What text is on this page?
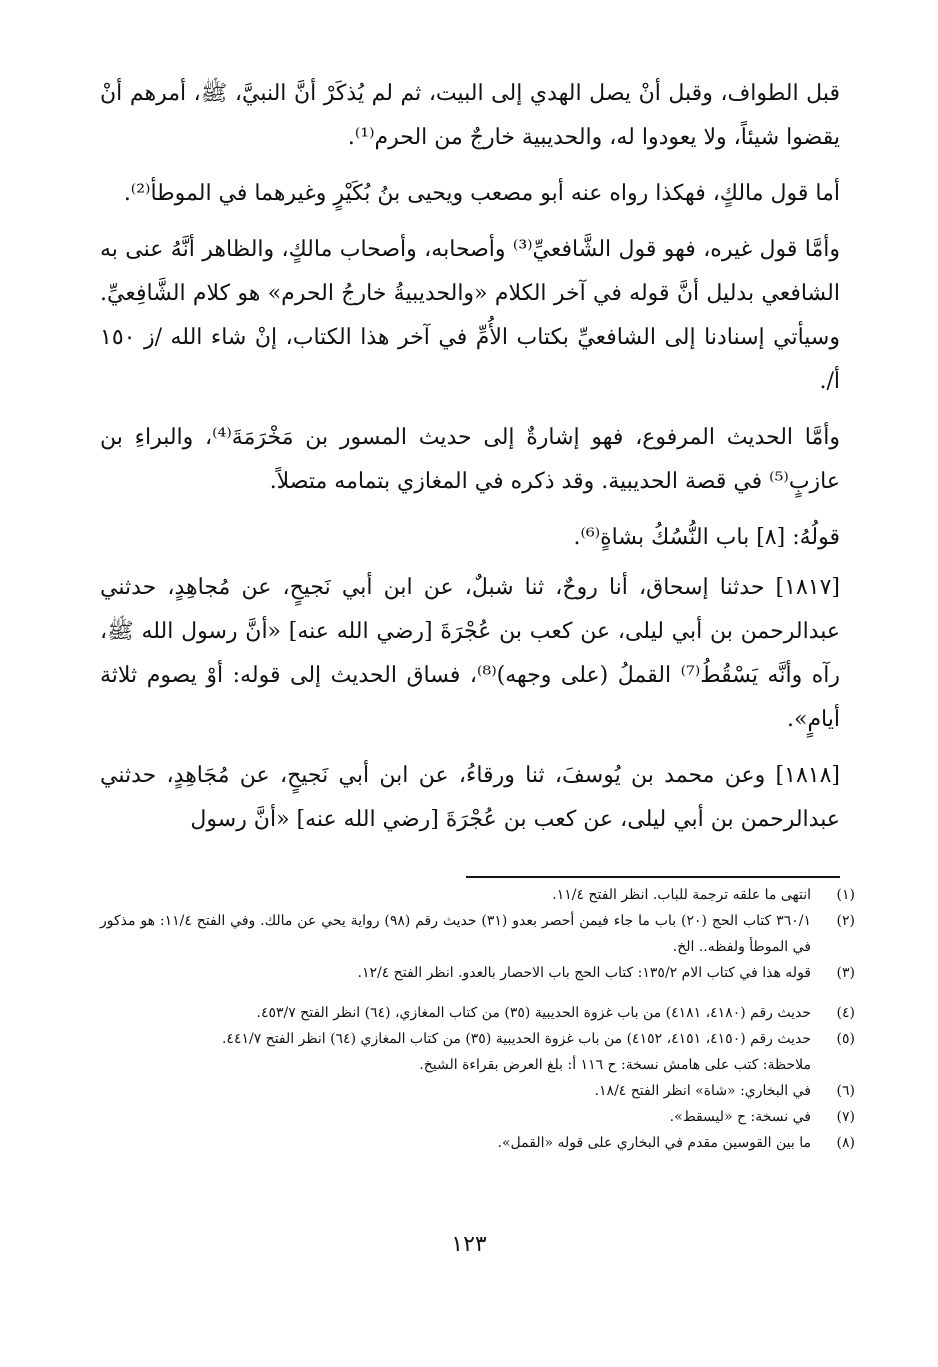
قبل الطواف، وقبل أنْ يصل الهدي إلى البيت، ثم لم يُذكَرْ أنَّ النبيَّ، ﷺ، أمرهم أنْ يقضوا شيئاً، ولا يعودوا له، والحديبية خارجٌ من الحرم⁽¹⁾.

أما قول مالكٍ، فهكذا رواه عنه أبو مصعب ويحيى بنُ بُكَيْرٍ وغيرهما في الموطأ⁽²⁾.

وأمَّا قول غيره، فهو قول الشَّافعيِّ⁽³⁾ وأصحابه، وأصحاب مالكٍ، والظاهر أنَّهُ عنى به الشافعي بدليل أنَّ قوله في آخر الكلام «والحديبيةُ خارجُ الحرم» هو كلام الشَّافِعيِّ. وسيأتي إسنادنا إلى الشافعيِّ بكتاب الأُمِّ في آخر هذا الكتاب، إنْ شاء الله /ز ١٥٠ أ/.

وأمَّا الحديث المرفوع، فهو إشارةٌ إلى حديث المسور بن مَخْرَمَةَ⁽⁴⁾، والبراءِ بن عازبٍ⁽⁵⁾ في قصة الحديبية. وقد ذكره في المغازي بتمامه متصلاً.

قولُهُ: [٨] باب النُّسُكُ بشاةٍ⁽⁶⁾.

[١٨١٧] حدثنا إسحاق، أنا روحٌ، ثنا شبلٌ، عن ابن أبي نَجيحٍ، عن مُجاهِدٍ، حدثني عبدالرحمن بن أبي ليلى، عن كعب بن عُجْرَةَ [رضي الله عنه] «أنَّ رسول الله ﷺ، رآه وأنَّه يَسْقُطُ⁽⁷⁾ القملُ (على وجهه)⁽⁸⁾، فساق الحديث إلى قوله: أوْ يصوم ثلاثة أيامٍ».

[١٨١٨] وعن محمد بن يُوسفَ، ثنا ورقاءُ، عن ابن أبي نَجيحٍ، عن مُجَاهِدٍ، حدثني عبدالرحمن بن أبي ليلى، عن كعب بن عُجْرَةَ [رضي الله عنه] «أنَّ رسول

(١)
انتهى ما علقه ترجمة للباب. انظر الفتح ١١/٤.
(٢)
٣٦٠/١ كتاب الحج (٢٠) باب ما جاء فيمن أحصر بعدو (٣١) حديث رقم (٩٨) رواية يحي عن مالك. وفي الفتح ١١/٤: هو مذكور في الموطأ ولفظه.. الخ.
(٣)
قوله هذا في كتاب الام ١٣٥/٢: كتاب الحج باب الاحصار بالعدو. انظر الفتح ١٢/٤.
(٤)
حديث رقم (٤١٨٠، ٤١٨١) من باب غزوة الحديبية (٣٥) من كتاب المغازي، (٦٤) انظر الفتح ٤٥٣/٧.
(٥)
حديث رقم (٤١٥٠، ٤١٥١، ٤١٥٢) من باب غزوة الحديبية (٣٥) من كتاب المغازي (٦٤) انظر الفتح ٤٤١/٧.
ملاحظة: كتب على هامش نسخة: ح ١١٦ أ: بلغ العرض بقراءة الشيخ.
(٦)
في البخاري: «شاة» انظر الفتح ١٨/٤.
(٧)
في نسخة: ح «ليسقط».
(٨)
ما بين القوسين مقدم في البخاري على قوله «القمل».
١٢٣
